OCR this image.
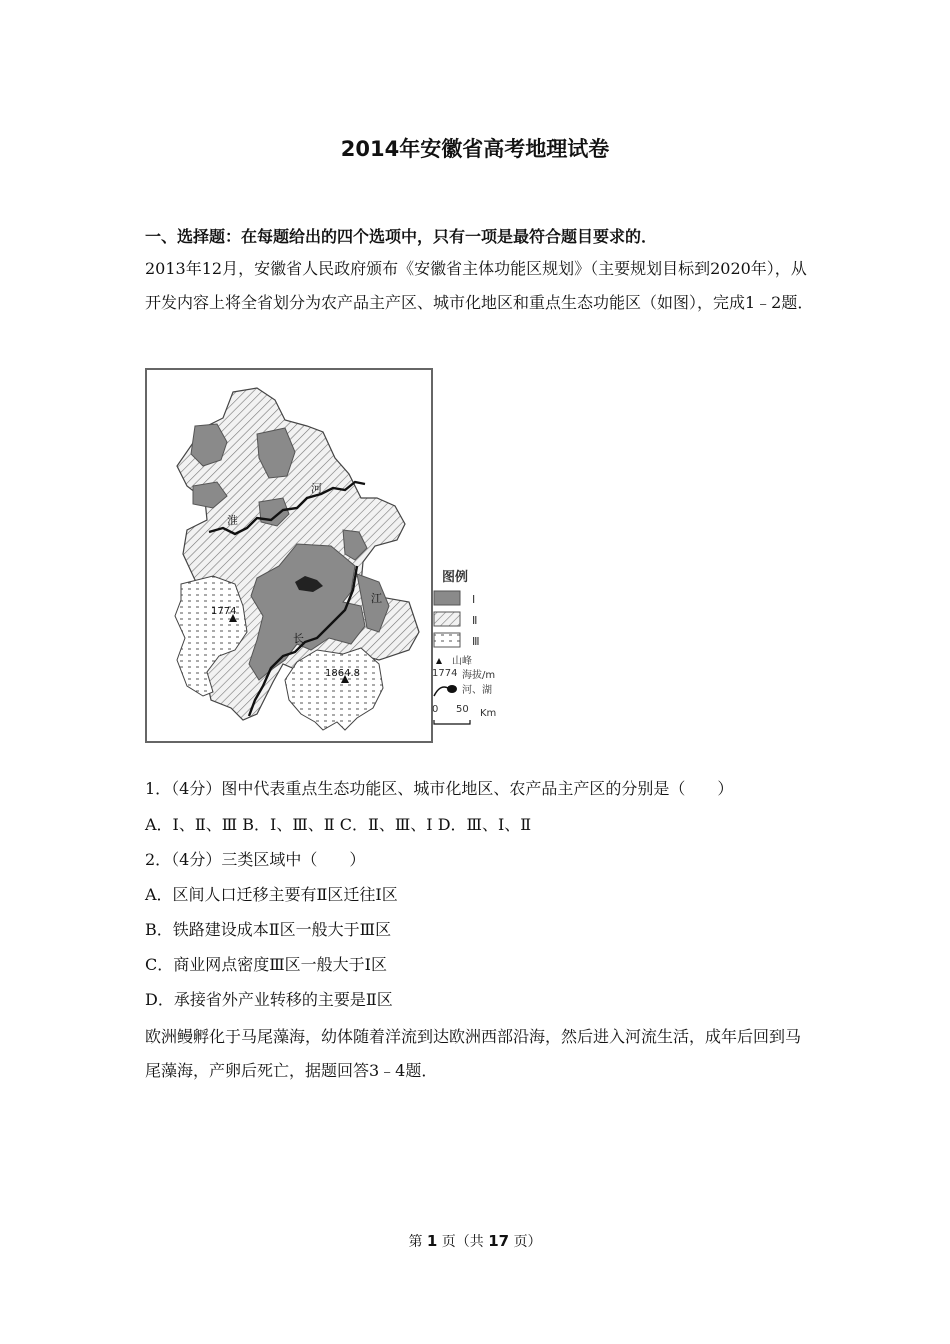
2014年安徽省高考地理试卷
一、选择题：在每题给出的四个选项中，只有一项是最符合题目要求的．
2013年12月，安徽省人民政府颁布《安徽省主体功能区规划》（主要规划目标到2020年），从开发内容上将全省划分为农产品主产区、城市化地区和重点生态功能区（如图），完成1﹣2题．
1774
1864.8
淮
河
长
江
图例
Ⅰ
Ⅱ
Ⅲ
山峰
1774 海拔/m
河、湖
0 50 Km
1．（4分）图中代表重点生态功能区、城市化地区、农产品主产区的分别是（　　）
A．Ⅰ、Ⅱ、Ⅲ B．Ⅰ、Ⅲ、Ⅱ C．Ⅱ、Ⅲ、Ⅰ D．Ⅲ、Ⅰ、Ⅱ
2．（4分）三类区域中（　　）
A．区间人口迁移主要有Ⅱ区迁往Ⅰ区
B．铁路建设成本Ⅱ区一般大于Ⅲ区
C．商业网点密度Ⅲ区一般大于Ⅰ区
D．承接省外产业转移的主要是Ⅱ区
欧洲鳗孵化于马尾藻海，幼体随着洋流到达欧洲西部沿海，然后进入河流生活，成年后回到马尾藻海，产卵后死亡，据题回答3﹣4题．
第 1 页（共 17 页）
